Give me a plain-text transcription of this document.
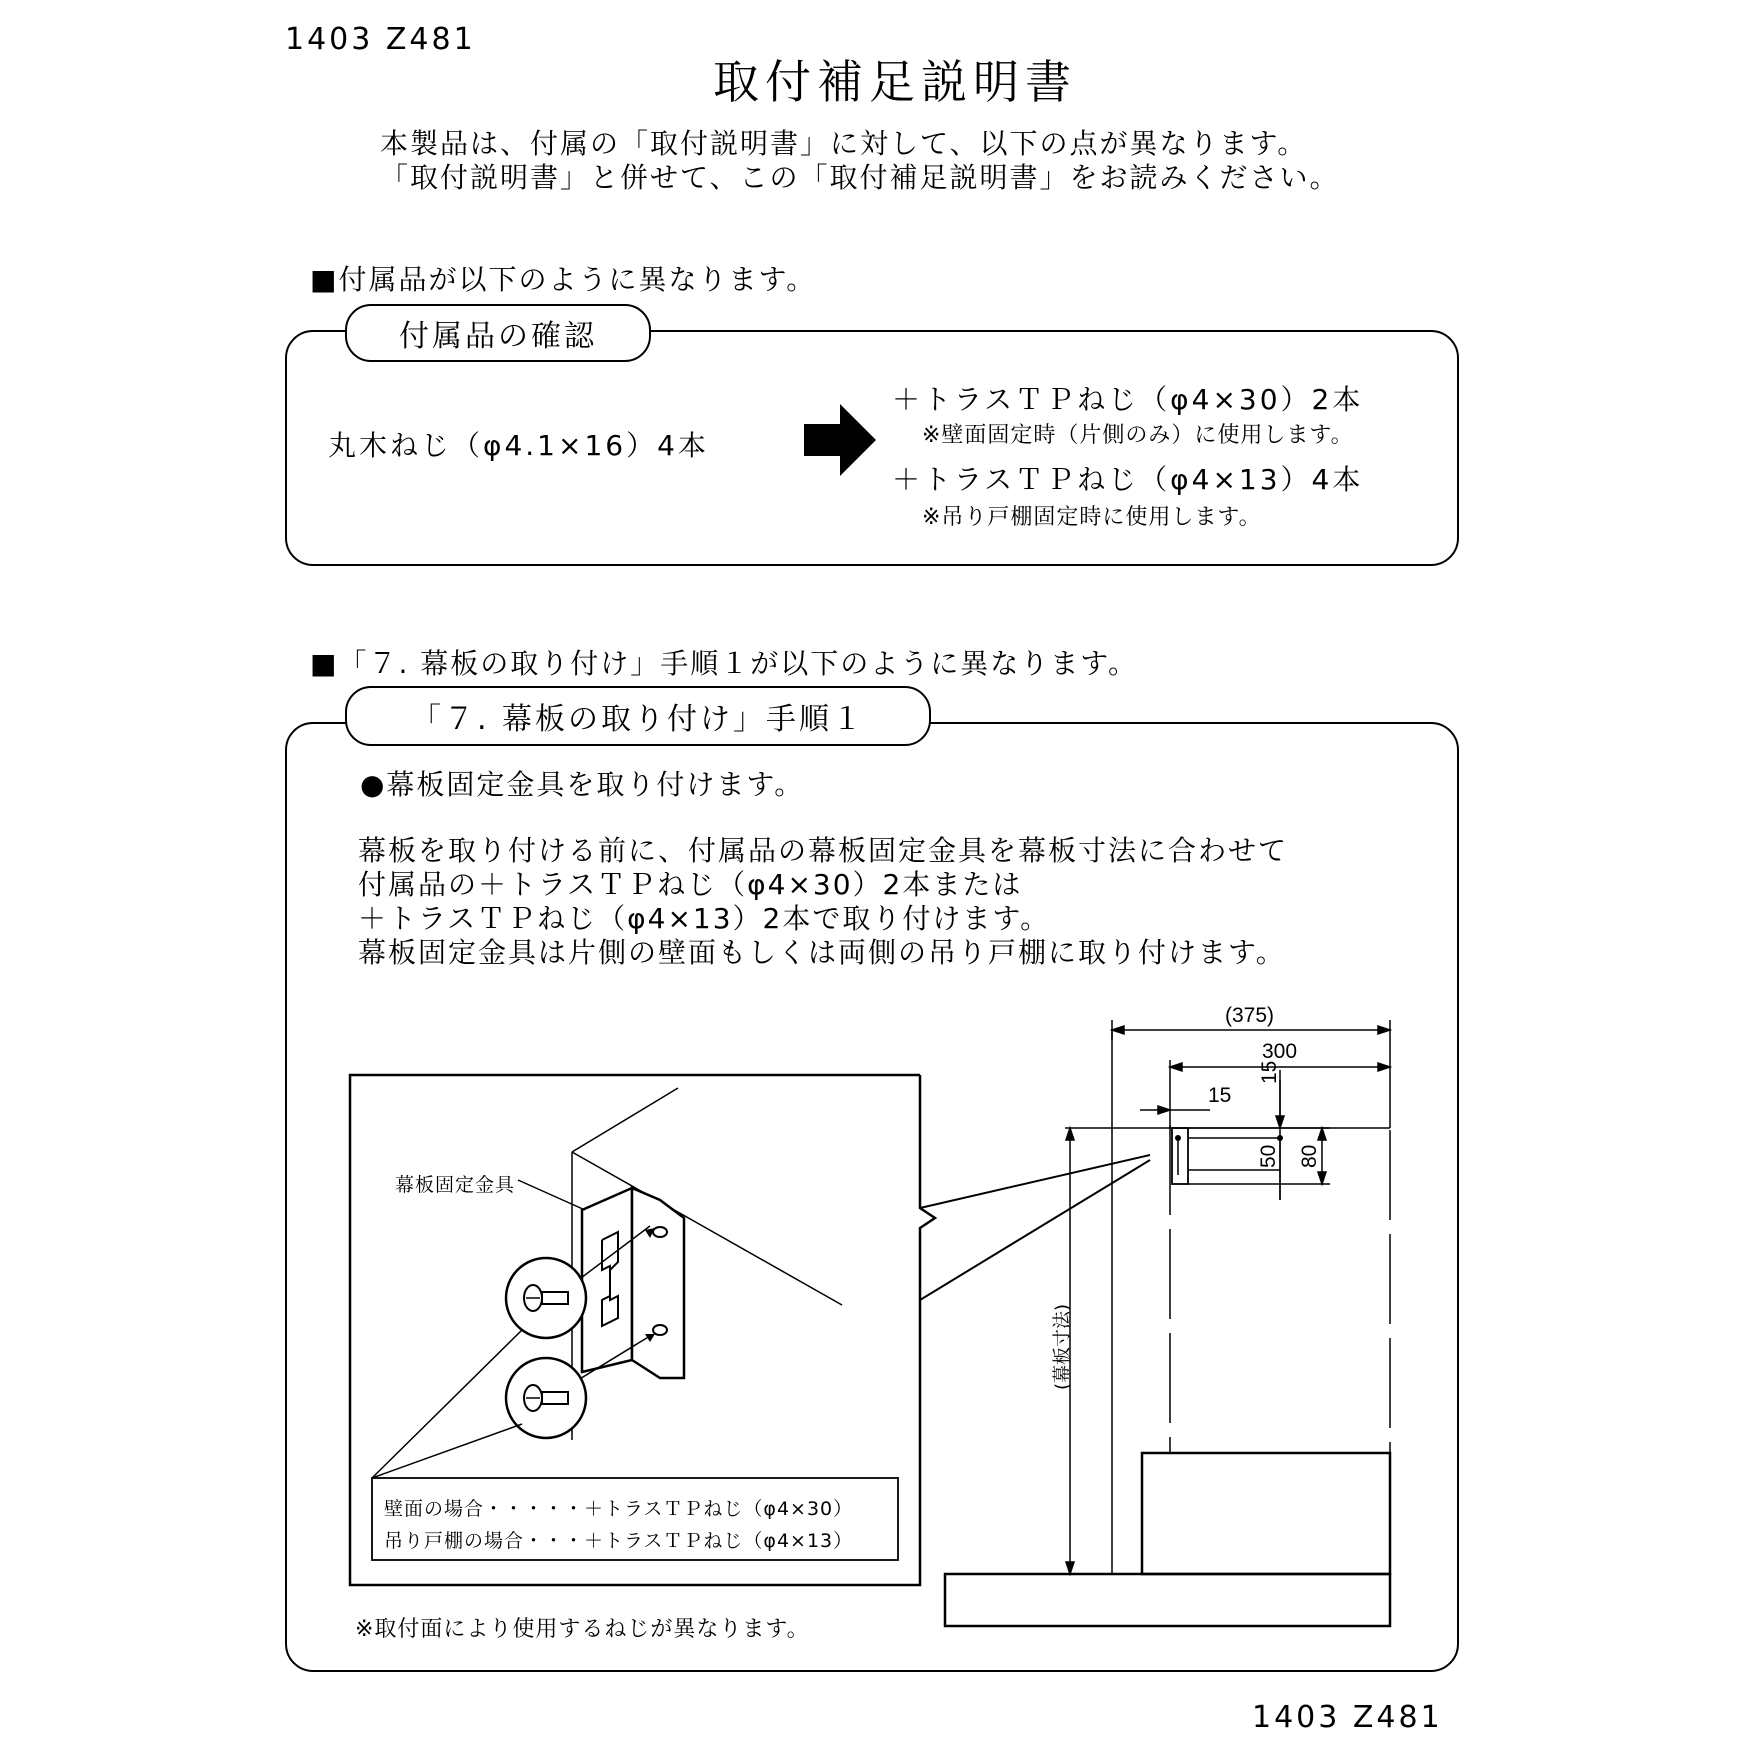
1403 Z481
取付補足説明書
本製品は、付属の「取付説明書」に対して、以下の点が異なります。
「取付説明書」と併せて、この「取付補足説明書」をお読みください。
■付属品が以下のように異なります。
付属品の確認
丸木ねじ（φ4.1×16）4本
＋トラスＴＰねじ（φ4×30）2本
※壁面固定時（片側のみ）に使用します。
＋トラスＴＰねじ（φ4×13）4本
※吊り戸棚固定時に使用します。
■「７. 幕板の取り付け」手順１が以下のように異なります。
「７. 幕板の取り付け」手順１
●幕板固定金具を取り付けます。
幕板を取り付ける前に、付属品の幕板固定金具を幕板寸法に合わせて
付属品の＋トラスＴＰねじ（φ4×30）2本または
＋トラスＴＰねじ（φ4×13）2本で取り付けます。
幕板固定金具は片側の壁面もしくは両側の吊り戸棚に取り付けます。
幕板固定金具
壁面の場合・・・・・＋トラスＴＰねじ（φ4×30）
吊り戸棚の場合・・・＋トラスＴＰねじ（φ4×13）
※取付面により使用するねじが異なります。
(375)
300
15
15
50 80
(幕板寸法)
1403 Z481
